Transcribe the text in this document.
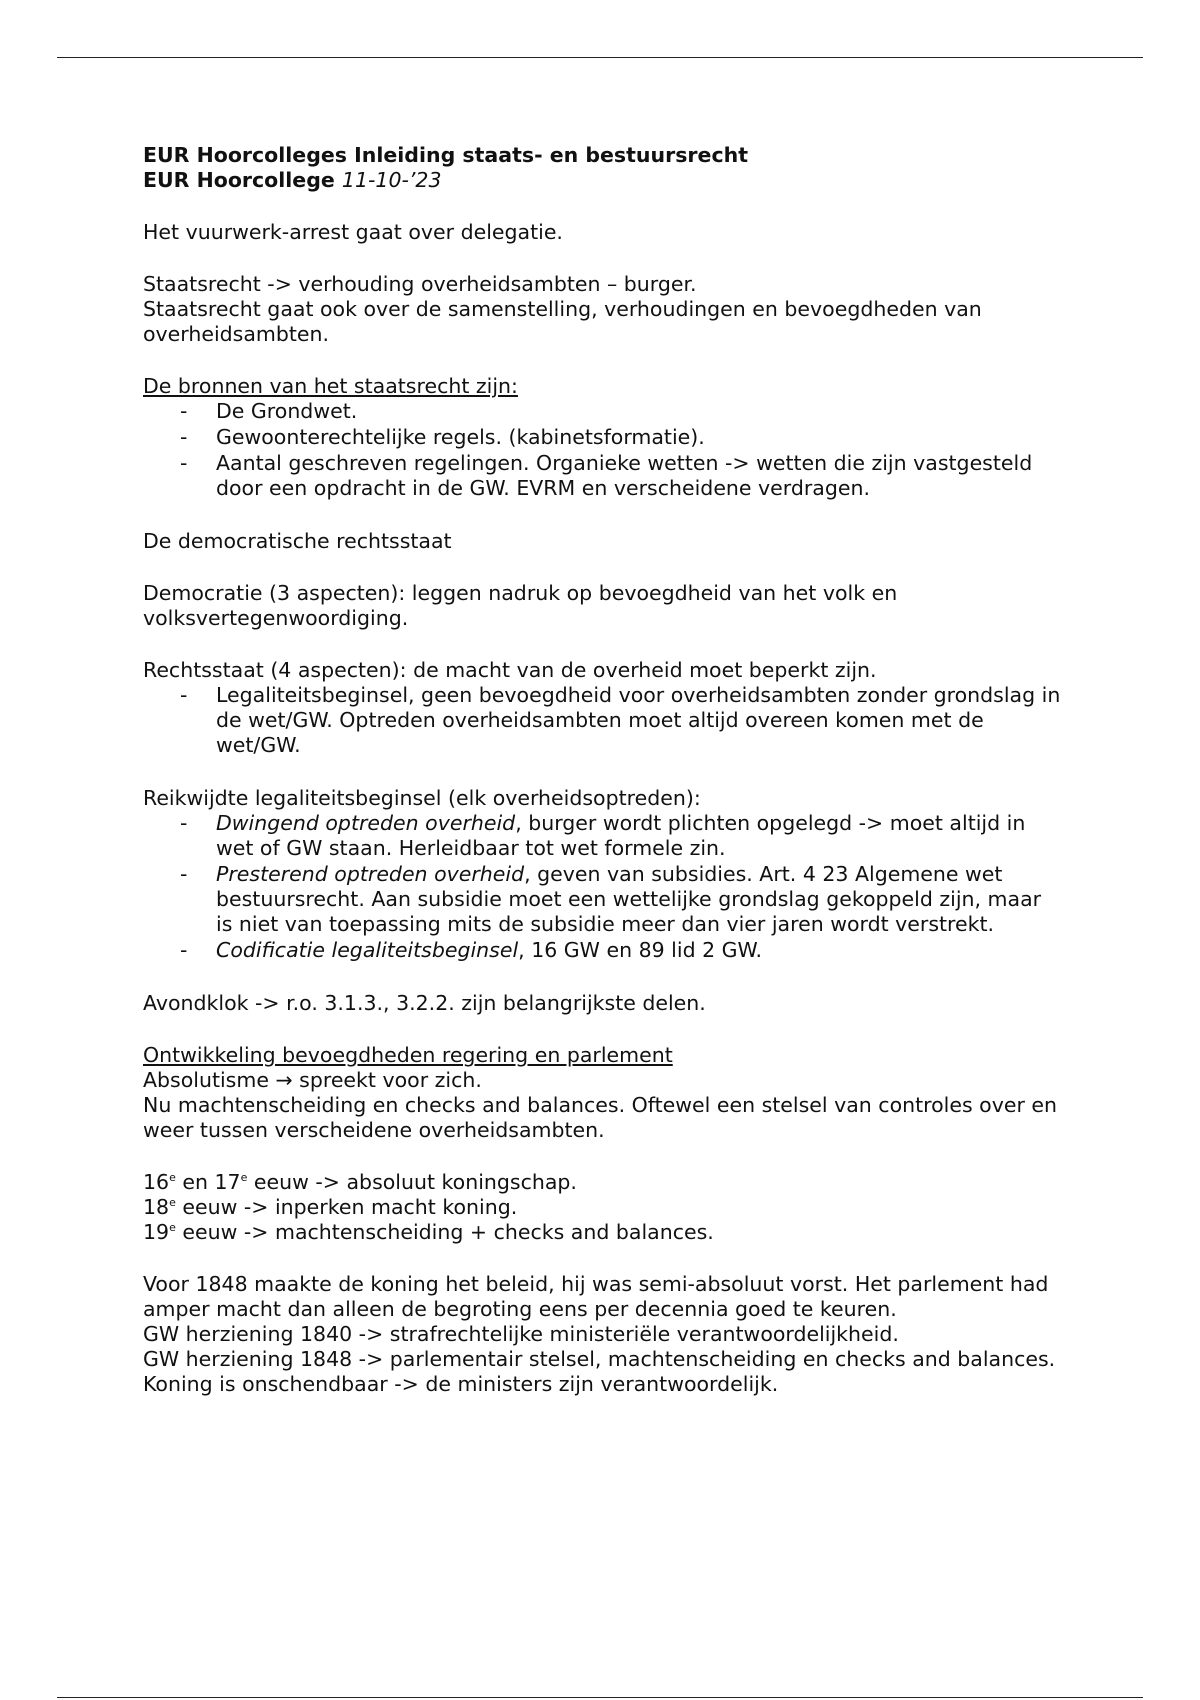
EUR Hoorcolleges Inleiding staats- en bestuursrecht
EUR Hoorcollege 11-10-’23

Het vuurwerk-arrest gaat over delegatie.

Staatsrecht -> verhouding overheidsambten – burger.

Staatsrecht gaat ook over de samenstelling, verhoudingen en bevoegdheden van overheidsambten.

De bronnen van het staatsrecht zijn:

- De Grondwet.
- Gewoonterechtelijke regels. (kabinetsformatie).
- Aantal geschreven regelingen. Organieke wetten -> wetten die zijn vastgesteld door een opdracht in de GW. EVRM en verscheidene verdragen.

De democratische rechtsstaat

Democratie (3 aspecten): leggen nadruk op bevoegdheid van het volk en volksvertegenwoordiging.

Rechtsstaat (4 aspecten): de macht van de overheid moet beperkt zijn.

- Legaliteitsbeginsel, geen bevoegdheid voor overheidsambten zonder grondslag in de wet/GW. Optreden overheidsambten moet altijd overeen komen met de wet/GW.

Reikwijdte legaliteitsbeginsel (elk overheidsoptreden):

- Dwingend optreden overheid, burger wordt plichten opgelegd -> moet altijd in wet of GW staan. Herleidbaar tot wet formele zin.
- Presterend optreden overheid, geven van subsidies. Art. 4 23 Algemene wet bestuursrecht. Aan subsidie moet een wettelijke grondslag gekoppeld zijn, maar is niet van toepassing mits de subsidie meer dan vier jaren wordt verstrekt.
- Codificatie legaliteitsbeginsel, 16 GW en 89 lid 2 GW.

Avondklok -> r.o. 3.1.3., 3.2.2. zijn belangrijkste delen.

Ontwikkeling bevoegdheden regering en parlement

Absolutisme → spreekt voor zich.

Nu machtenscheiding en checks and balances. Oftewel een stelsel van controles over en weer tussen verscheidene overheidsambten.

16e en 17e eeuw -> absoluut koningschap.

18e eeuw -> inperken macht koning.

19e eeuw -> machtenscheiding + checks and balances.

Voor 1848 maakte de koning het beleid, hij was semi-absoluut vorst. Het parlement had amper macht dan alleen de begroting eens per decennia goed te keuren.

GW herziening 1840 -> strafrechtelijke ministeriële verantwoordelijkheid.

GW herziening 1848 -> parlementair stelsel, machtenscheiding en checks and balances.

Koning is onschendbaar -> de ministers zijn verantwoordelijk.
